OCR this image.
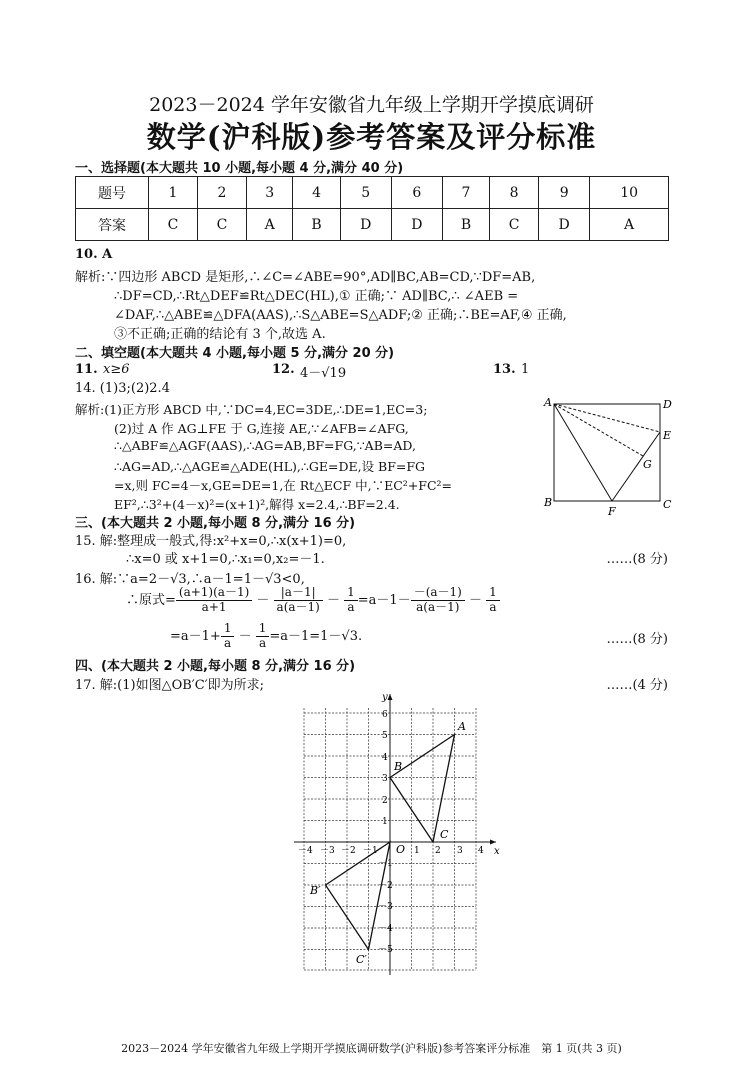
2023－2024 学年安徽省九年级上学期开学摸底调研
数学(沪科版)参考答案及评分标准
一、选择题(本大题共 10 小题,每小题 4 分,满分 40 分)
题号	1	2	3	4	5	6	7	8	9	10
答案	C	C	A	B	D	D	B	C	D	A
10. A
解析:∵四边形 ABCD 是矩形,∴∠C=∠ABE=90°,AD∥BC,AB=CD,∵DF=AB,
∴DF=CD,∴Rt△DEF≌Rt△DEC(HL),① 正确;∵ AD∥BC,∴ ∠AEB =
∠DAF,∴△ABE≌△DFA(AAS),∴S△ABE=S△ADF;② 正确;∴BE=AF,④ 正确,
③不正确;正确的结论有 3 个,故选 A.
二、填空题(本大题共 4 小题,每小题 5 分,满分 20 分)
11. x≥6	12. 4－√19	13. 1
14. (1)3;(2)2.4
解析:(1)正方形 ABCD 中,∵DC=4,EC=3DE,∴DE=1,EC=3;
(2)过 A 作 AG⊥FE 于 G,连接 AE,∵∠AFB=∠AFG,
∴△ABF≌△AGF(AAS),∴AG=AB,BF=FG,∵AB=AD,
∴AG=AD,∴△AGE≌△ADE(HL),∴GE=DE,设 BF=FG
=x,则 FC=4－x,GE=DE=1,在 Rt△ECF 中,∵EC²+FC²=
EF²,∴3²+(4－x)²=(x+1)²,解得 x=2.4,∴BF=2.4.
A	D
E
G
B	C
F
三、(本大题共 2 小题,每小题 8 分,满分 16 分)
15. 解:整理成一般式,得:x²+x=0,∴x(x+1)=0,
∴x=0 或 x+1=0,∴x₁=0,x₂=－1.	……(8 分)
16. 解:∵a=2－√3,∴a－1=1－√3<0,
∴原式= $\frac{(a+1)(a-1)}{a+1} - \frac{|a-1|}{a(a-1)} - \frac{1}{a} =a-1- \frac{-(a-1)}{a(a-1)} - \frac{1}{a}$
$=a-1+ \frac{1}{a} - \frac{1}{a} =a-1=1-√3$.	……(8 分)
四、(本大题共 2 小题,每小题 8 分,满分 16 分)
17. 解:(1)如图△OB′C′即为所求;	……(4 分)
x
y
O
－4 －3 －2 －1	1 2 3 4
1
2
3
4
5
6
－1
－2
－3
－4
－5
A
B
C
B′
C′
2023－2024 学年安徽省九年级上学期开学摸底调研数学(沪科版)参考答案评分标准　第 1 页(共 3 页)
